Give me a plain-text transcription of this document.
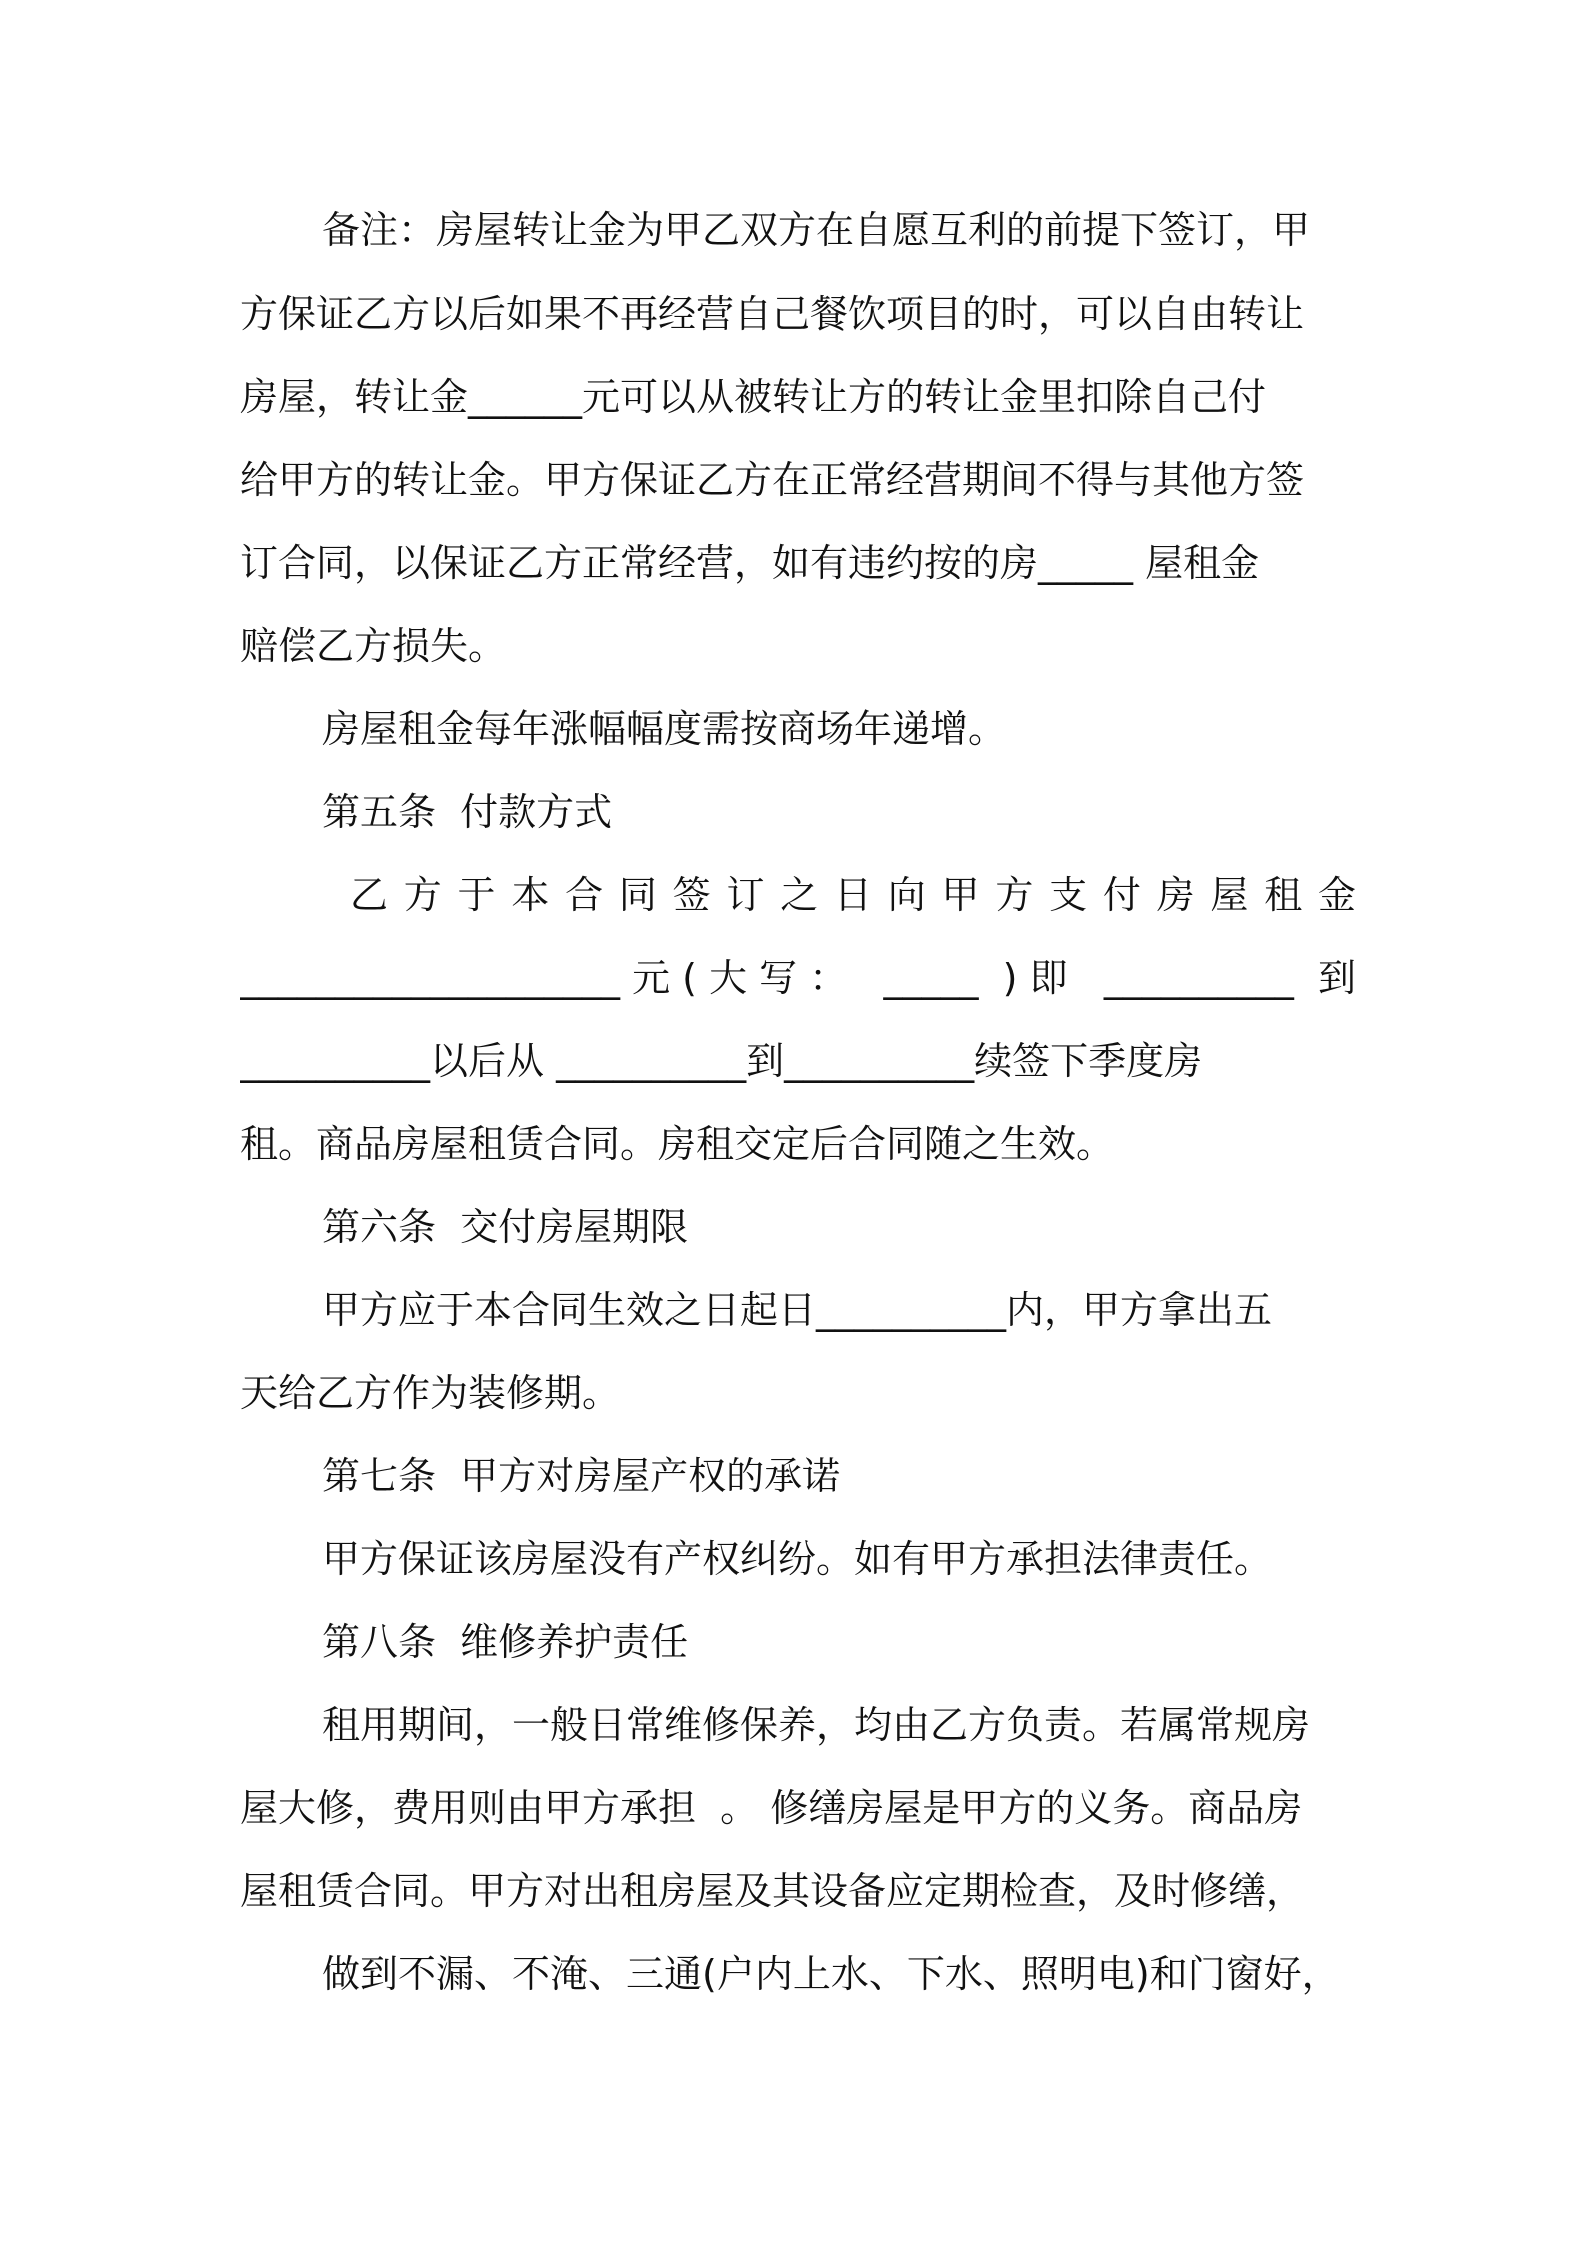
备注：房屋转让金为甲乙双方在自愿互利的前提下签订，甲
方保证乙方以后如果不再经营自己餐饮项目的时，可以自由转让
房屋，转让金______元可以从被转让方的转让金里扣除自己付
给甲方的转让金。甲方保证乙方在正常经营期间不得与其他方签
订合同，以保证乙方正常经营，如有违约按的房_____ 屋租金
赔偿乙方损失。
房屋租金每年涨幅幅度需按商场年递增。
第五条  付款方式
乙方于本合同签订之日向甲方支付房屋租金
____________________元(大写： _____ )即 __________ 到
__________以后从 __________到__________续签下季度房
租。商品房屋租赁合同。房租交定后合同随之生效。
第六条  交付房屋期限
甲方应于本合同生效之日起日__________内，甲方拿出五
天给乙方作为装修期。
第七条  甲方对房屋产权的承诺
甲方保证该房屋没有产权纠纷。如有甲方承担法律责任。
第八条  维修养护责任
租用期间，一般日常维修保养，均由乙方负责。若属常规房
屋大修，费用则由甲方承担  。 修缮房屋是甲方的义务。商品房
屋租赁合同。甲方对出租房屋及其设备应定期检查，及时修缮，
做到不漏、不淹、三通(户内上水、下水、照明电)和门窗好，
